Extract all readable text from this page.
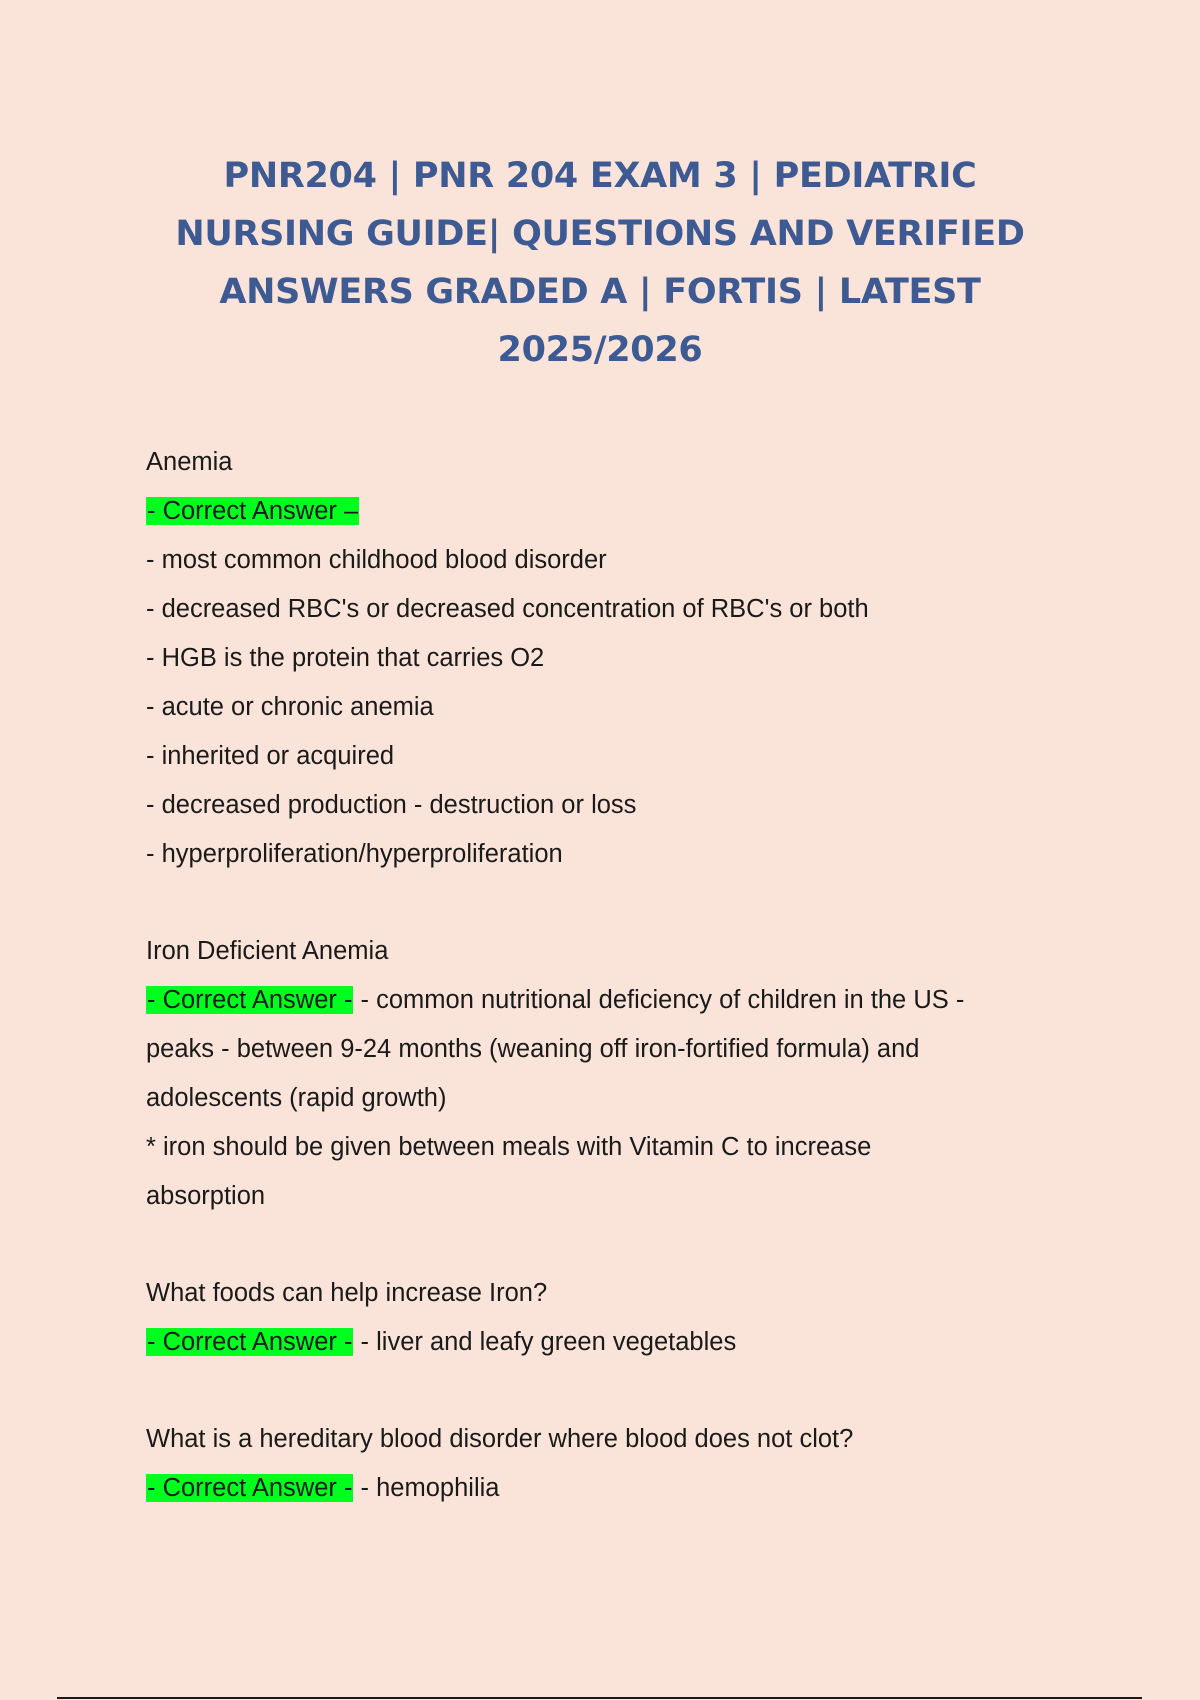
PNR204 | PNR 204 EXAM 3 | PEDIATRIC
NURSING GUIDE| QUESTIONS AND VERIFIED
ANSWERS GRADED A | FORTIS | LATEST
2025/2026
Anemia
- Correct Answer –
- most common childhood blood disorder
- decreased RBC's or decreased concentration of RBC's or both
- HGB is the protein that carries O2
- acute or chronic anemia
- inherited or acquired
- decreased production - destruction or loss
- hyperproliferation/hyperproliferation
Iron Deficient Anemia
- Correct Answer - - common nutritional deficiency of children in the US -
peaks - between 9-24 months (weaning off iron-fortified formula) and
adolescents (rapid growth)
* iron should be given between meals with Vitamin C to increase
absorption
What foods can help increase Iron?
- Correct Answer - - liver and leafy green vegetables
What is a hereditary blood disorder where blood does not clot?
- Correct Answer - - hemophilia
